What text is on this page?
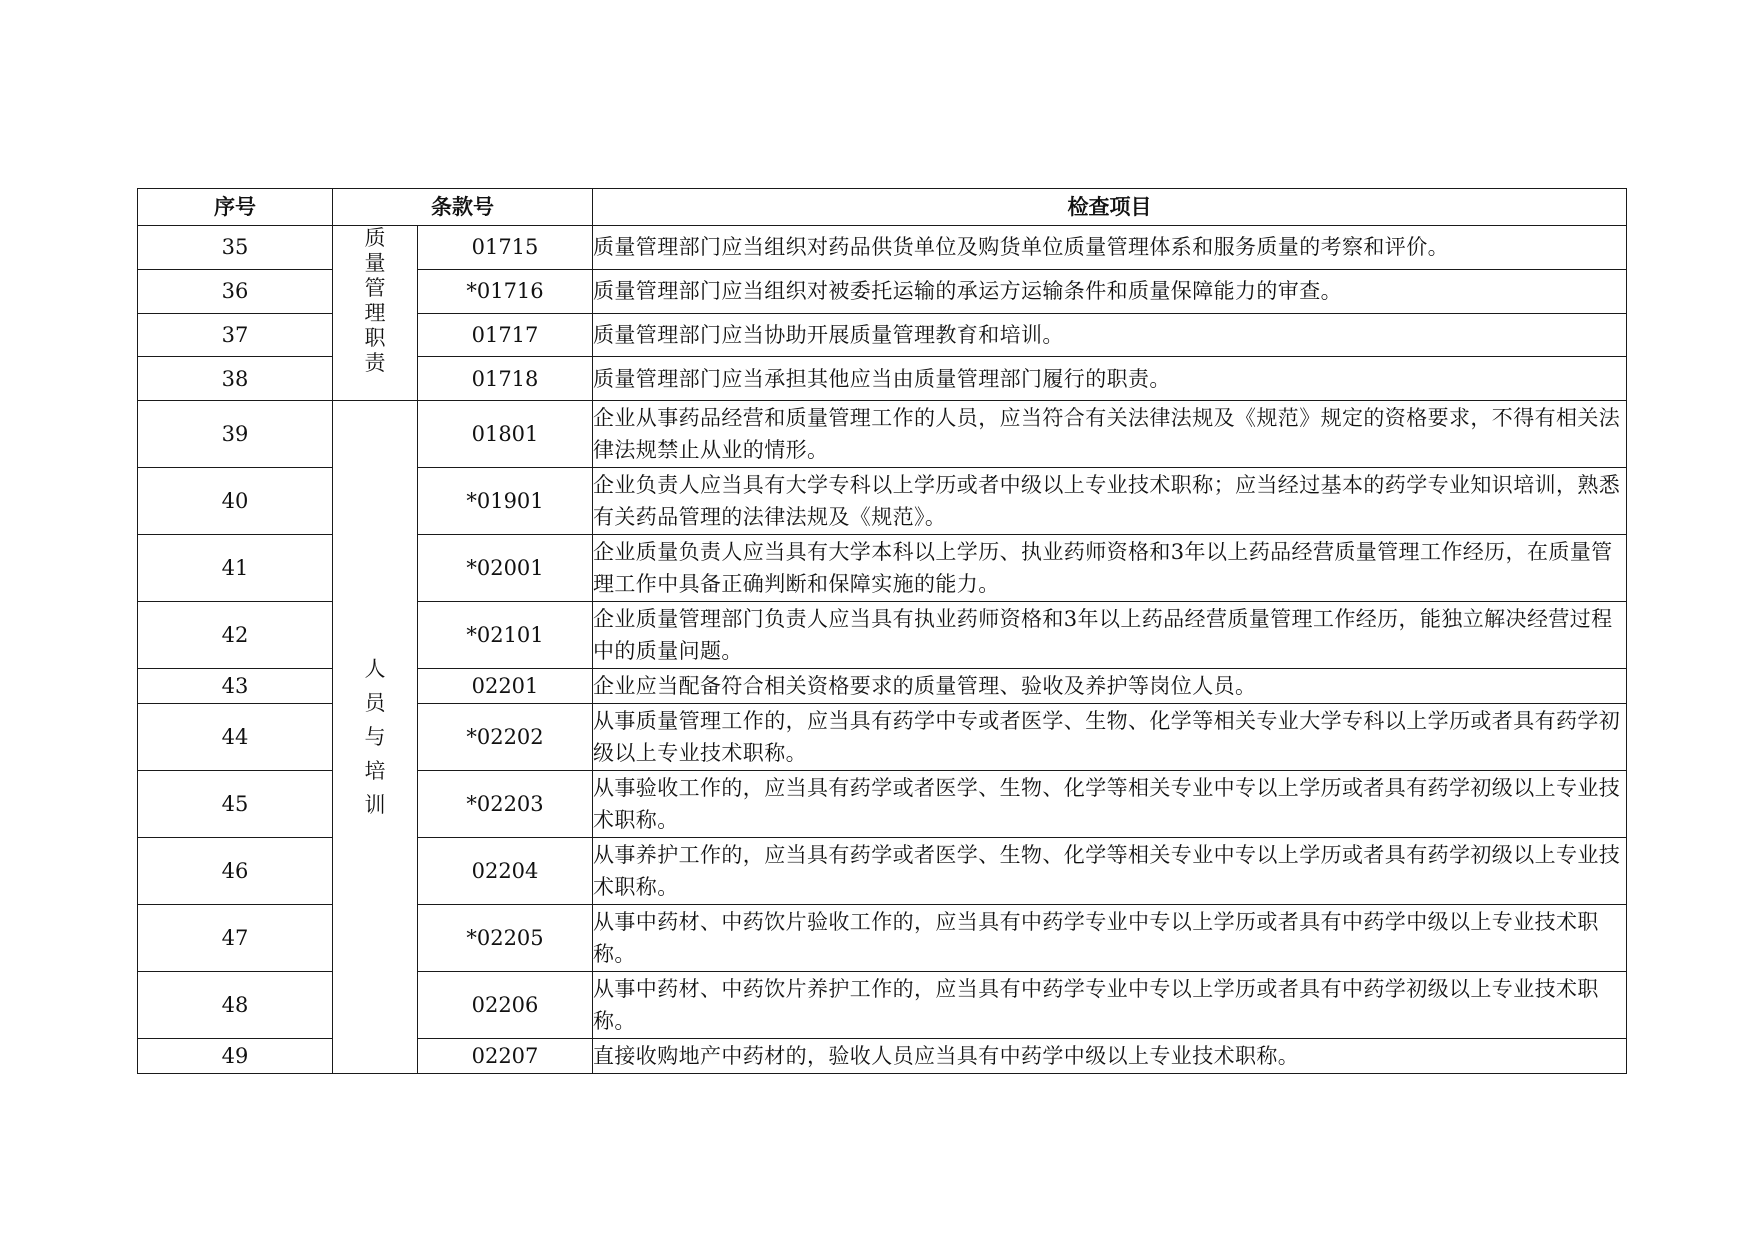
序号	条款号		检查项目
35	质量管理职责	01715	质量管理部门应当组织对药品供货单位及购货单位质量管理体系和服务质量的考察和评价。
36		*01716	质量管理部门应当组织对被委托运输的承运方运输条件和质量保障能力的审查。
37		01717	质量管理部门应当协助开展质量管理教育和培训。
38		01718	质量管理部门应当承担其他应当由质量管理部门履行的职责。
39	人员与培训	01801	企业从事药品经营和质量管理工作的人员，应当符合有关法律法规及《规范》规定的资格要求，不得有相关法律法规禁止从业的情形。
40		*01901	企业负责人应当具有大学专科以上学历或者中级以上专业技术职称；应当经过基本的药学专业知识培训，熟悉有关药品管理的法律法规及《规范》。
41		*02001	企业质量负责人应当具有大学本科以上学历、执业药师资格和3年以上药品经营质量管理工作经历，在质量管理工作中具备正确判断和保障实施的能力。
42		*02101	企业质量管理部门负责人应当具有执业药师资格和3年以上药品经营质量管理工作经历，能独立解决经营过程中的质量问题。
43		02201	企业应当配备符合相关资格要求的质量管理、验收及养护等岗位人员。
44		*02202	从事质量管理工作的，应当具有药学中专或者医学、生物、化学等相关专业大学专科以上学历或者具有药学初级以上专业技术职称。
45		*02203	从事验收工作的，应当具有药学或者医学、生物、化学等相关专业中专以上学历或者具有药学初级以上专业技术职称。
46		02204	从事养护工作的，应当具有药学或者医学、生物、化学等相关专业中专以上学历或者具有药学初级以上专业技术职称。
47		*02205	从事中药材、中药饮片验收工作的，应当具有中药学专业中专以上学历或者具有中药学中级以上专业技术职称。
48		02206	从事中药材、中药饮片养护工作的，应当具有中药学专业中专以上学历或者具有中药学初级以上专业技术职称。
49		02207	直接收购地产中药材的，验收人员应当具有中药学中级以上专业技术职称。
